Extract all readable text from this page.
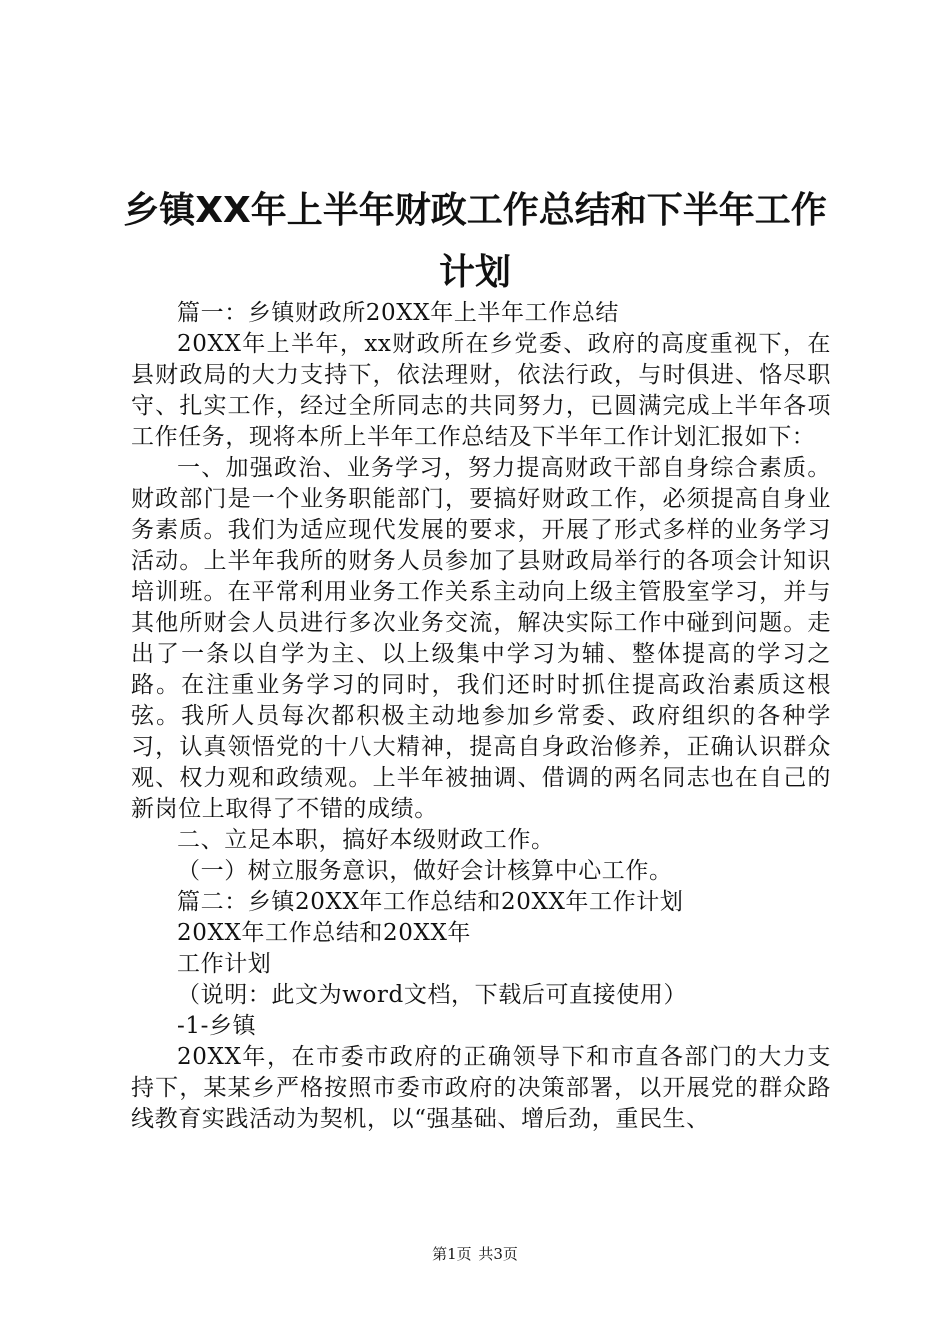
乡镇XX年上半年财政工作总结和下半年工作计划

篇一：乡镇财政所20XX年上半年工作总结

20XX年上半年，xx财政所在乡党委、政府的高度重视下，在县财政局的大力支持下，依法理财，依法行政，与时俱进、恪尽职守、扎实工作，经过全所同志的共同努力，已圆满完成上半年各项工作任务，现将本所上半年工作总结及下半年工作计划汇报如下：

一、加强政治、业务学习，努力提高财政干部自身综合素质。财政部门是一个业务职能部门，要搞好财政工作，必须提高自身业务素质。我们为适应现代发展的要求，开展了形式多样的业务学习活动。上半年我所的财务人员参加了县财政局举行的各项会计知识培训班。在平常利用业务工作关系主动向上级主管股室学习，并与其他所财会人员进行多次业务交流，解决实际工作中碰到问题。走出了一条以自学为主、以上级集中学习为辅、整体提高的学习之路。在注重业务学习的同时，我们还时时抓住提高政治素质这根弦。我所人员每次都积极主动地参加乡常委、政府组织的各种学习，认真领悟党的十八大精神，提高自身政治修养，正确认识群众观、权力观和政绩观。上半年被抽调、借调的两名同志也在自己的新岗位上取得了不错的成绩。

二、立足本职，搞好本级财政工作。

（一）树立服务意识，做好会计核算中心工作。

篇二：乡镇20XX年工作总结和20XX年工作计划

20XX年工作总结和20XX年

工作计划

（说明：此文为word文档，下载后可直接使用）

-1-乡镇

20XX年，在市委市政府的正确领导下和市直各部门的大力支持下，某某乡严格按照市委市政府的决策部署，以开展党的群众路线教育实践活动为契机，以“强基础、增后劲，重民生、

第1页 共3页
